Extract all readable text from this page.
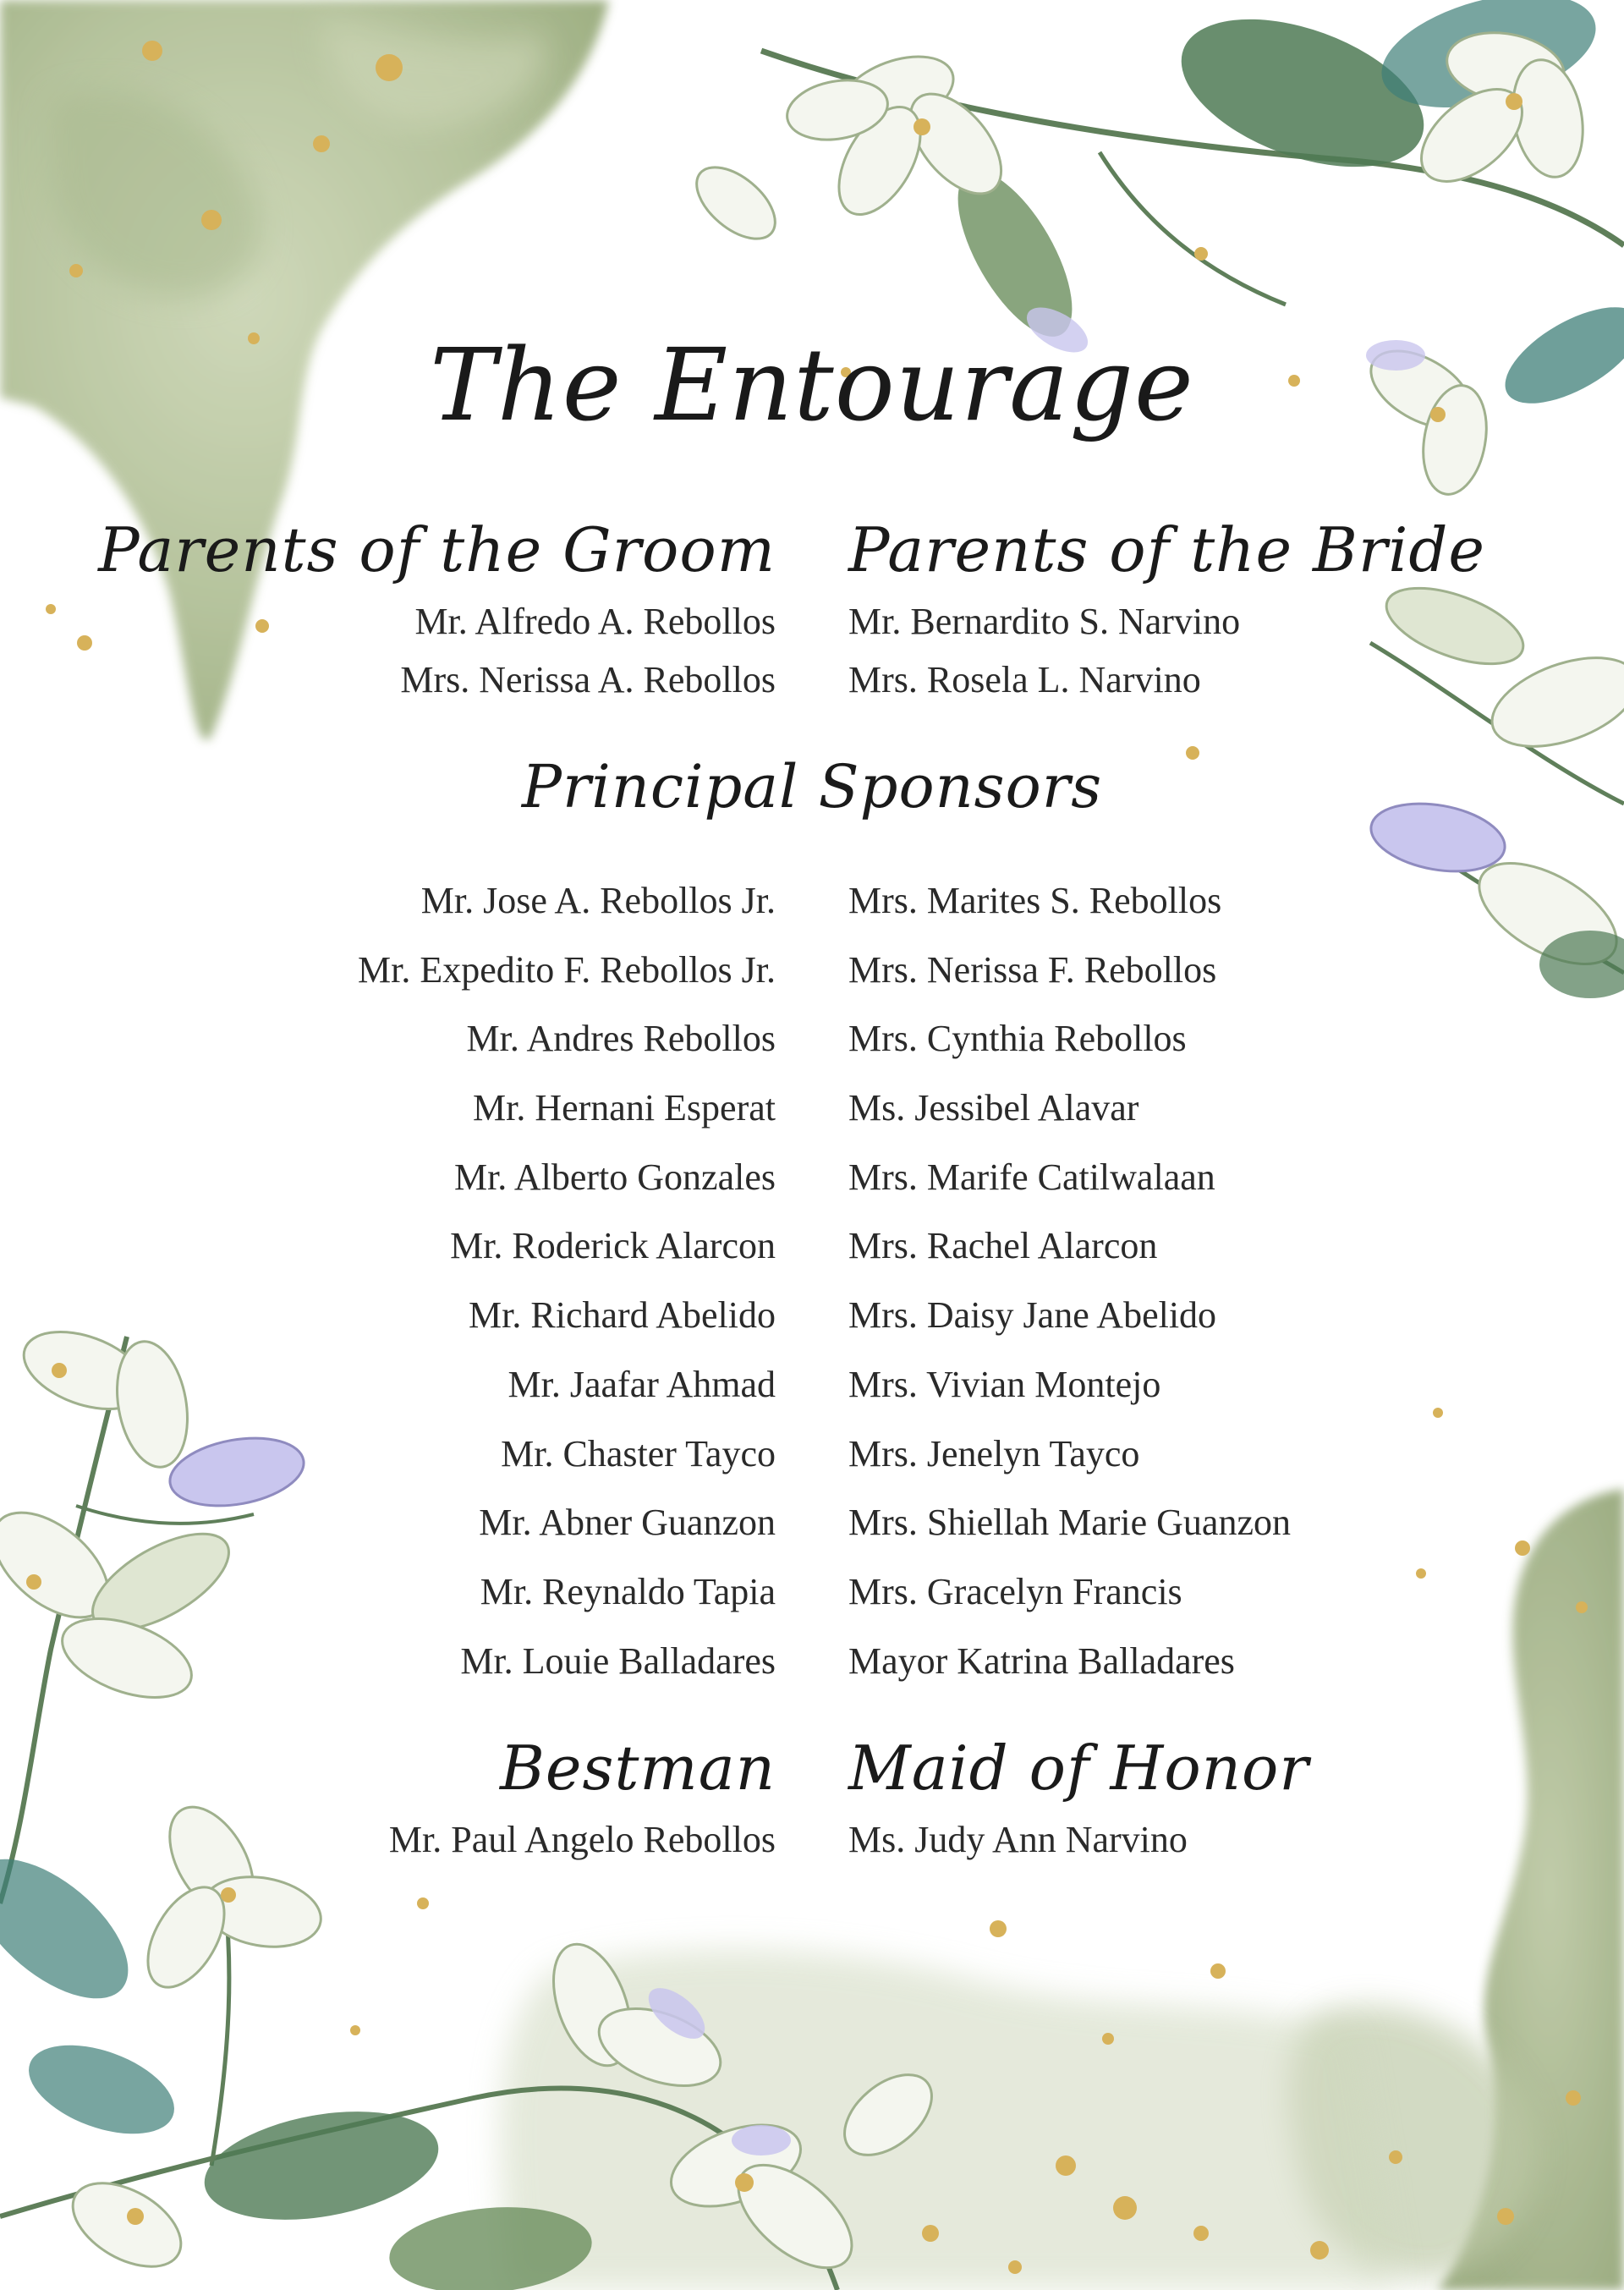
The Entourage
Parents of the Groom
Mr. Alfredo A. Rebollos
Mrs. Nerissa A. Rebollos
Parents of the Bride
Mr. Bernardito S. Narvino
Mrs. Rosela L. Narvino
Principal Sponsors
Mr. Jose A. Rebollos Jr.
Mr. Expedito F. Rebollos Jr.
Mr. Andres Rebollos
Mr. Hernani Esperat
Mr. Alberto Gonzales
Mr. Roderick Alarcon
Mr. Richard Abelido
Mr. Jaafar Ahmad
Mr. Chaster Tayco
Mr. Abner Guanzon
Mr. Reynaldo Tapia
Mr. Louie Balladares
Mrs. Marites S. Rebollos
Mrs. Nerissa F. Rebollos
Mrs. Cynthia Rebollos
Ms. Jessibel Alavar
Mrs. Marife Catilwalaan
Mrs. Rachel Alarcon
Mrs. Daisy Jane Abelido
Mrs. Vivian Montejo
Mrs. Jenelyn Tayco
Mrs. Shiellah Marie Guanzon
Mrs. Gracelyn Francis
Mayor Katrina Balladares
Bestman
Mr. Paul Angelo Rebollos
Maid of Honor
Ms. Judy Ann Narvino
